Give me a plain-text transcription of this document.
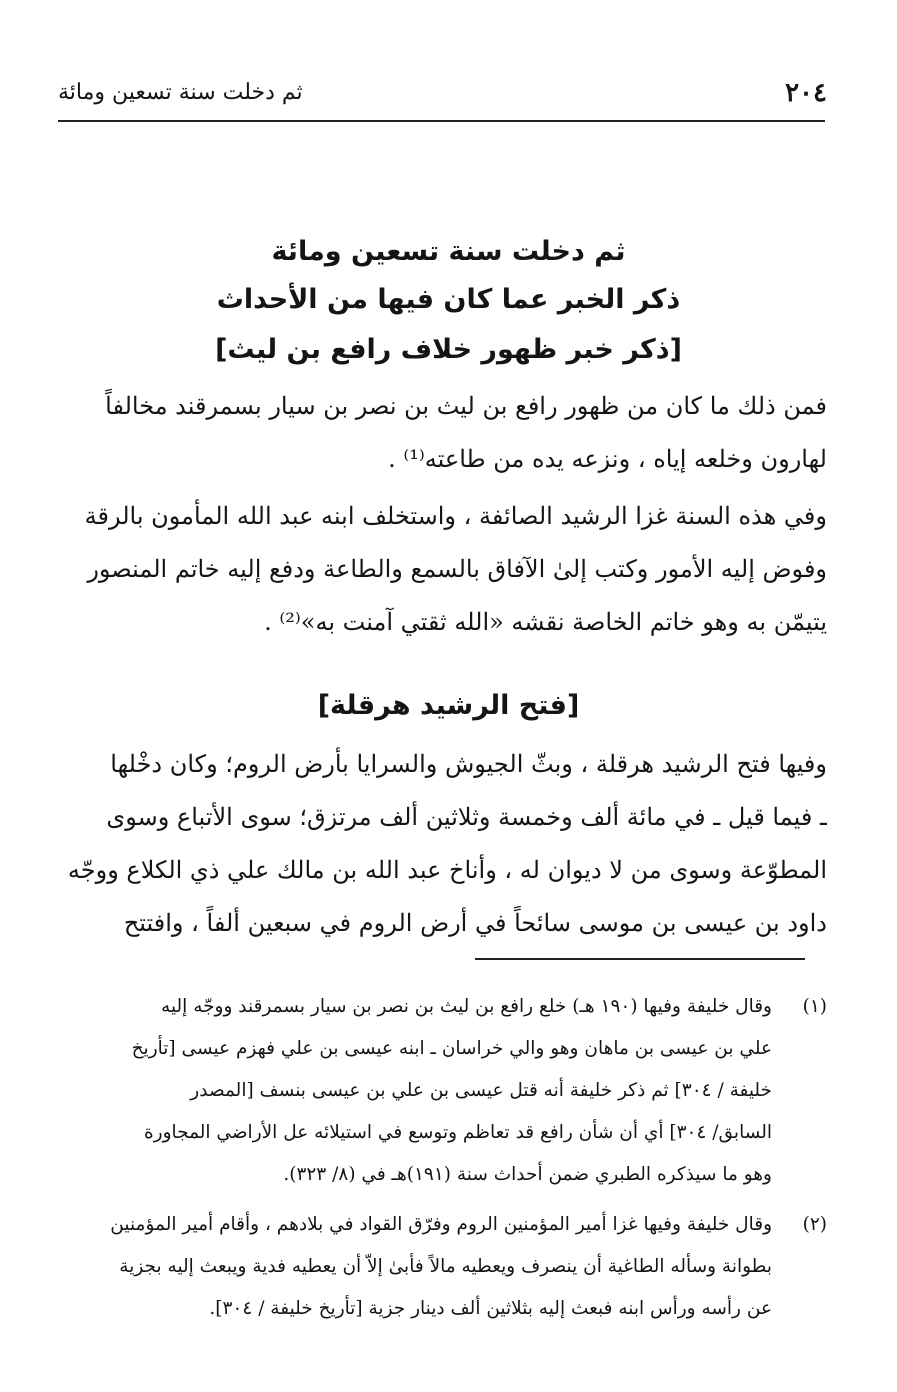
٢٠٤
ثم دخلت سنة تسعين ومائة
ثم دخلت سنة تسعين ومائة
ذكر الخبر عما كان فيها من الأحداث
[ذكر خبر ظهور خلاف رافع بن ليث]

فمن ذلك ما كان من ظهور رافع بن ليث بن نصر بن سيار بسمرقند مخالفاً
لهارون وخلعه إياه ، ونزعه يده من طاعته⁽¹⁾ .

وفي هذه السنة غزا الرشيد الصائفة ، واستخلف ابنه عبد الله المأمون بالرقة
وفوض إليه الأمور وكتب إلىٰ الآفاق بالسمع والطاعة ودفع إليه خاتم المنصور
يتيمّن به وهو خاتم الخاصة نقشه «الله ثقتي آمنت به»⁽²⁾ .

[فتح الرشيد هرقلة]

وفيها فتح الرشيد هرقلة ، وبثّ الجيوش والسرايا بأرض الروم؛ وكان دخْلها
ـ فيما قيل ـ في مائة ألف وخمسة وثلاثين ألف مرتزق؛ سوى الأتباع وسوى
المطوّعة وسوى من لا ديوان له ، وأناخ عبد الله بن مالك علي ذي الكلاع ووجّه
داود بن عيسى بن موسى سائحاً في أرض الروم في سبعين ألفاً ، وافتتح

(١)
وقال خليفة وفيها (١٩٠ هـ) خلع رافع بن ليث بن نصر بن سيار بسمرقند ووجّه إليه
علي بن عيسى بن ماهان وهو والي خراسان ـ ابنه عيسى بن علي فهزم عيسى [تأريخ
خليفة / ٣٠٤] ثم ذكر خليفة أنه قتل عيسى بن علي بن عيسى بنسف [المصدر
السابق/ ٣٠٤] أي أن شأن رافع قد تعاظم وتوسع في استيلائه عل الأراضي المجاورة
وهو ما سيذكره الطبري ضمن أحداث سنة (١٩١)هـ في (٨/ ٣٢٣).
(٢)
وقال خليفة وفيها غزا أمير المؤمنين الروم وفرّق القواد في بلادهم ، وأقام أمير المؤمنين
بطوانة وسأله الطاغية أن ينصرف ويعطيه مالاً فأبىٰ إلاّ أن يعطيه فدية ويبعث إليه بجزية
عن رأسه ورأس ابنه فبعث إليه بثلاثين ألف دينار جزية [تأريخ خليفة / ٣٠٤].
